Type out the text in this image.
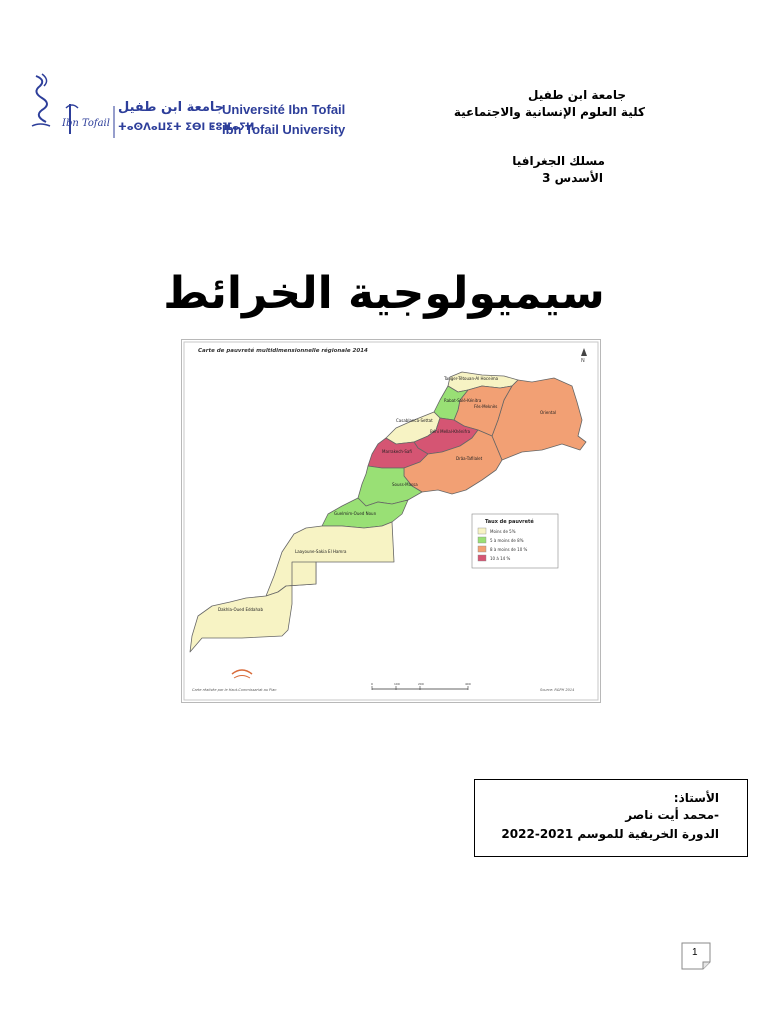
Ibn Tofail
جامعة ابن طفيل
Université Ibn Tofail
ⵜⴰⵙⴷⴰⵡⵉⵜ ⵉⴱⵏ ⵟⵓⴼⴰⵢⵍ
Ibn Tofail University
جامعة ابن طفيل
كلية العلوم الإنسانية والاجتماعية
مسلك الجغرافيا
الأسدس 3
سيميولوجية الخرائط
Carte de pauvreté multidimensionnelle régionale 2014
N
Tanger-Tétouan-Al Hoceima
Oriental
Fès-Meknès
Rabat-Salé-Kénitra
Béni Mellal-Khénifra
Casablanca-Settat
Marrakech-Safi
Drâa-Tafilalet
Souss-Massa
Guelmim-Oued Noun
Laayoune-Sakia El Hamra
Dakhla-Oued Eddahab
Taux de pauvreté
Moins de 5%
5 à moins de 8%
8 à moins de 10 %
10 à 14 %
Carte réalisée par le Haut-Commissariat au Plan
0	100	200	400
Source: RGPH 2014
الأستاذ:
-محمد أيت ناصر
الدورة الخريفية للموسم 2021-2022
1
